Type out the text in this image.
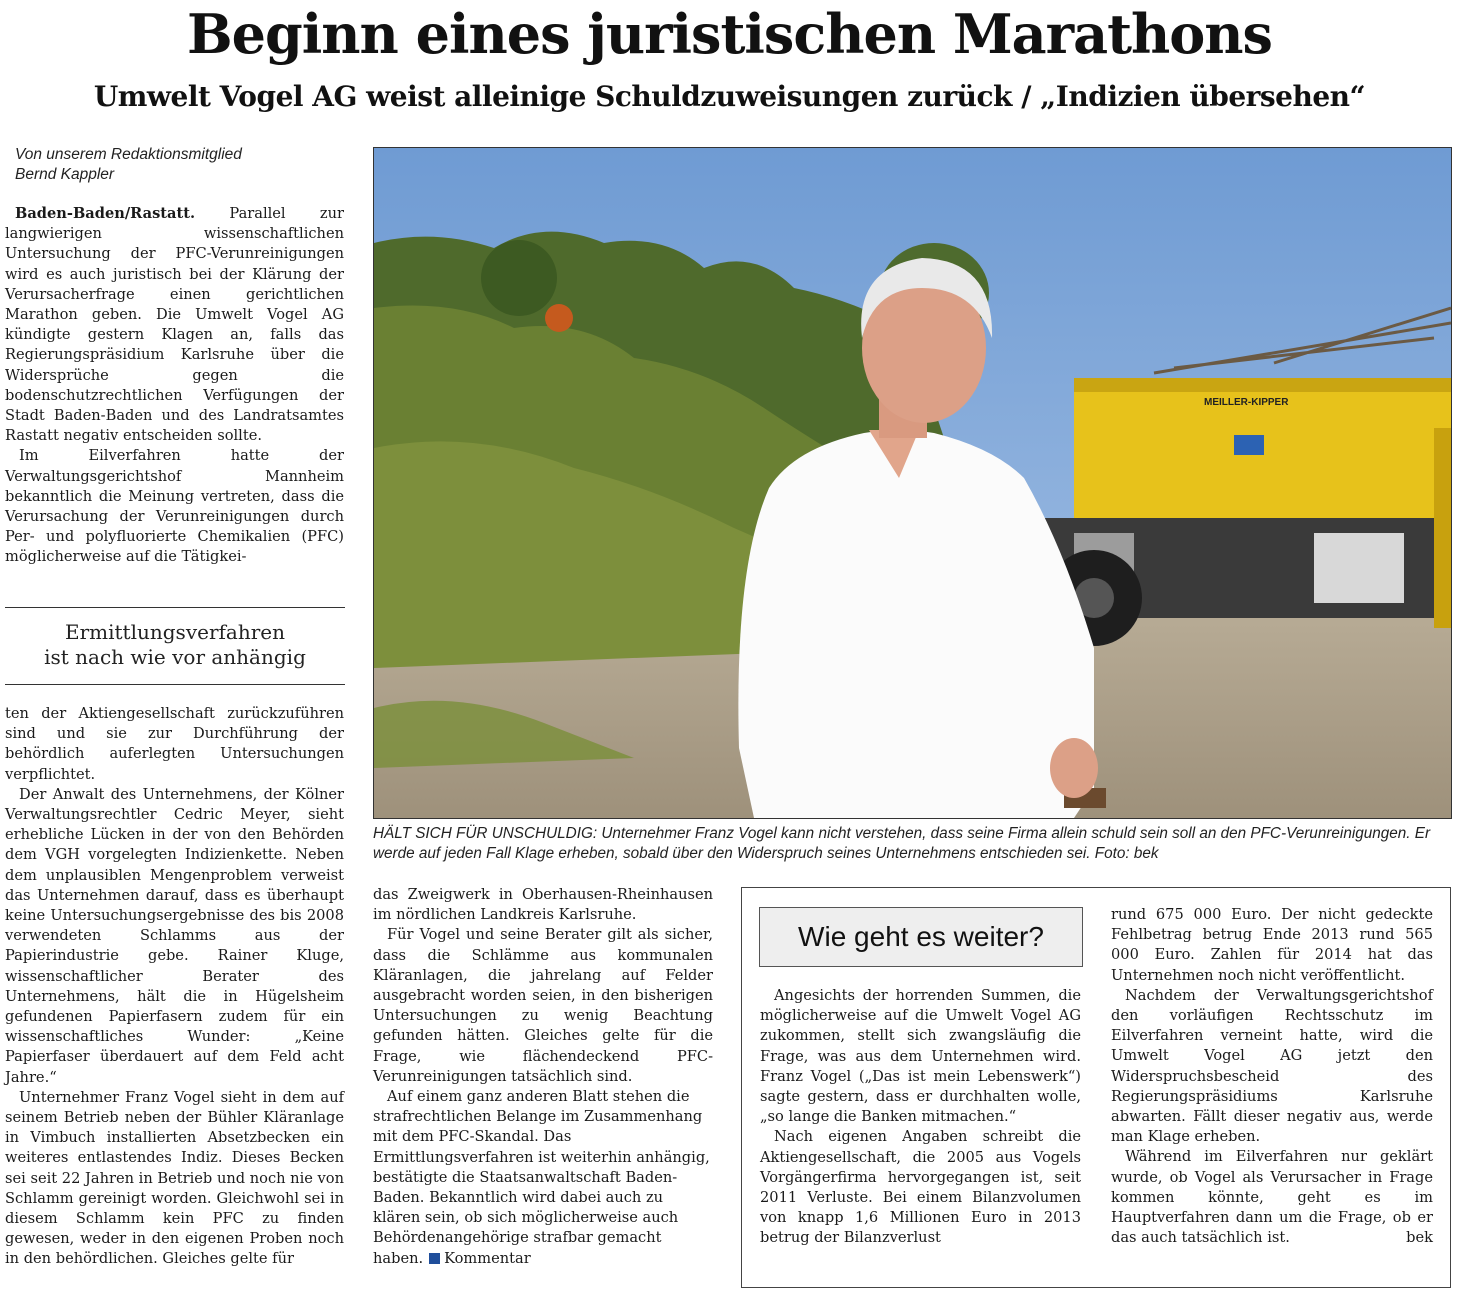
Beginn eines juristischen Marathons
Umwelt Vogel AG weist alleinige Schuldzuweisungen zurück / „Indizien übersehen“
Von unserem Redaktionsmitglied
Bernd Kappler

Baden-Baden/Rastatt. Parallel zur langwierigen wissenschaftlichen Untersuchung der PFC-Verunreinigungen wird es auch juristisch bei der Klärung der Verursacherfrage einen gerichtlichen Marathon geben. Die Umwelt Vogel AG kündigte gestern Klagen an, falls das Regierungspräsidium Karlsruhe über die Widersprüche gegen die bodenschutzrechtlichen Verfügungen der Stadt Baden-Baden und des Landratsamtes Rastatt negativ entscheiden sollte.

Im Eilverfahren hatte der Verwaltungsgerichtshof Mannheim bekanntlich die Meinung vertreten, dass die Verursachung der Verunreinigungen durch Per- und polyfluorierte Chemikalien (PFC) möglicherweise auf die Tätigkei-

Ermittlungsverfahren
ist nach wie vor anhängig

ten der Aktiengesellschaft zurückzuführen sind und sie zur Durchführung der behördlich auferlegten Untersuchungen verpflichtet.

Der Anwalt des Unternehmens, der Kölner Verwaltungsrechtler Cedric Meyer, sieht erhebliche Lücken in der von den Behörden dem VGH vorgelegten Indizienkette. Neben dem unplausiblen Mengenproblem verweist das Unternehmen darauf, dass es überhaupt keine Untersuchungsergebnisse des bis 2008 verwendeten Schlamms aus der Papierindustrie gebe. Rainer Kluge, wissenschaftlicher Berater des Unternehmens, hält die in Hügelsheim gefundenen Papierfasern zudem für ein wissenschaftliches Wunder: „Keine Papierfaser überdauert auf dem Feld acht Jahre.“

Unternehmer Franz Vogel sieht in dem auf seinem Betrieb neben der Bühler Kläranlage in Vimbuch installierten Absetzbecken ein weiteres entlastendes Indiz. Dieses Becken sei seit 22 Jahren in Betrieb und noch nie von Schlamm gereinigt worden. Gleichwohl sei in diesem Schlamm kein PFC zu finden gewesen, weder in den eigenen Proben noch in den behördlichen. Gleiches gelte für

MEILLER-KIPPER
HÄLT SICH FÜR UNSCHULDIG: Unternehmer Franz Vogel kann nicht verstehen, dass seine Firma allein schuld sein soll an den PFC-Verunreinigungen. Er werde auf jeden Fall Klage erheben, sobald über den Widerspruch seines Unternehmens entschieden sei. Foto: bek

das Zweigwerk in Oberhausen-Rheinhausen im nördlichen Landkreis Karlsruhe.

Für Vogel und seine Berater gilt als sicher, dass die Schlämme aus kommunalen Kläranlagen, die jahrelang auf Felder ausgebracht worden seien, in den bisherigen Untersuchungen zu wenig Beachtung gefunden hätten. Gleiches gelte für die Frage, wie flächendeckend PFC-Verunreinigungen tatsächlich sind.

Auf einem ganz anderen Blatt stehen die strafrechtlichen Belange im Zusammenhang mit dem PFC-Skandal. Das Ermittlungsverfahren ist weiterhin anhängig, bestätigte die Staatsanwaltschaft Baden-Baden. Bekanntlich wird dabei auch zu klären sein, ob sich möglicherweise auch Behördenangehörige strafbar gemacht haben. Kommentar

Wie geht es weiter?

Angesichts der horrenden Summen, die möglicherweise auf die Umwelt Vogel AG zukommen, stellt sich zwangsläufig die Frage, was aus dem Unternehmen wird. Franz Vogel („Das ist mein Lebenswerk“) sagte gestern, dass er durchhalten wolle, „so lange die Banken mitmachen.“

Nach eigenen Angaben schreibt die Aktiengesellschaft, die 2005 aus Vogels Vorgängerfirma hervorgegangen ist, seit 2011 Verluste. Bei einem Bilanzvolumen von knapp 1,6 Millionen Euro in 2013 betrug der Bilanzverlust

rund 675 000 Euro. Der nicht gedeckte Fehlbetrag betrug Ende 2013 rund 565 000 Euro. Zahlen für 2014 hat das Unternehmen noch nicht veröffentlicht.

Nachdem der Verwaltungsgerichtshof den vorläufigen Rechtsschutz im Eilverfahren verneint hatte, wird die Umwelt Vogel AG jetzt den Widerspruchsbescheid des Regierungspräsidiums Karlsruhe abwarten. Fällt dieser negativ aus, werde man Klage erheben.

Während im Eilverfahren nur geklärt wurde, ob Vogel als Verursacher in Frage kommen könnte, geht es im Hauptverfahren dann um die Frage, ob er das auch tatsächlich ist.	bek
